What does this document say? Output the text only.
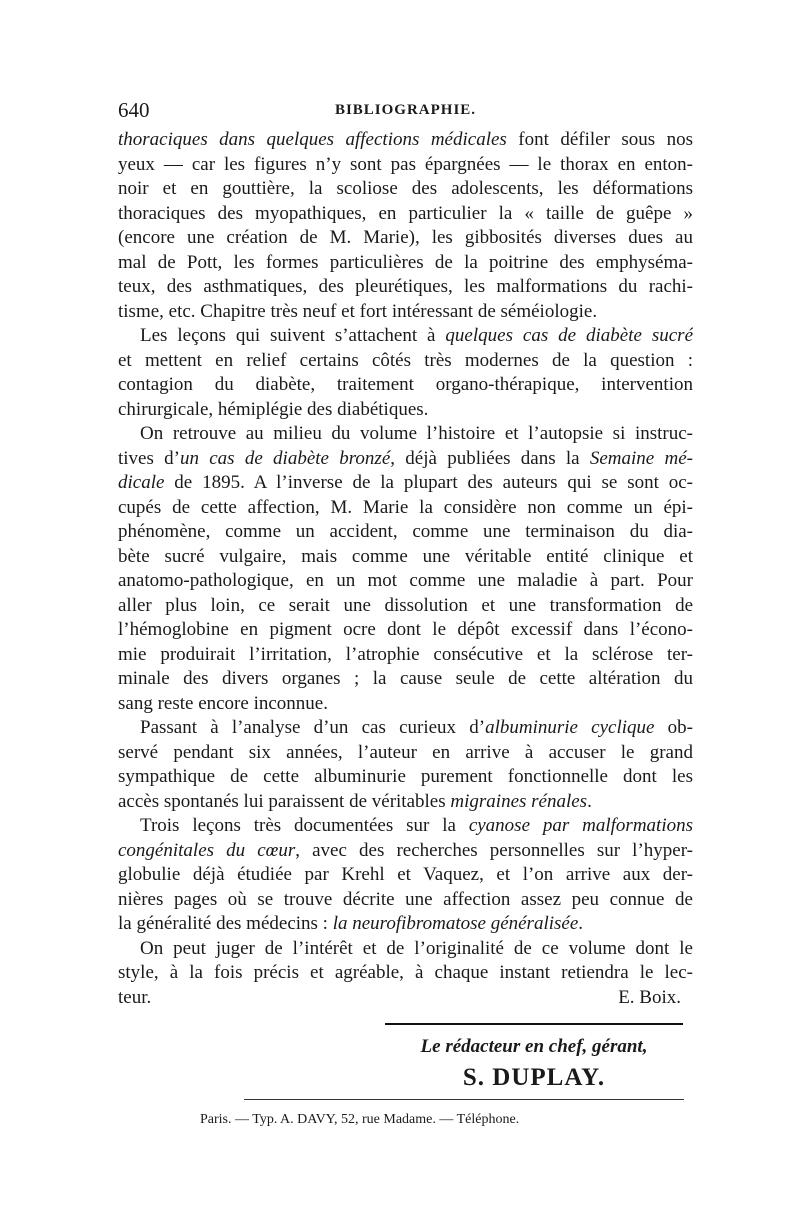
640	BIBLIOGRAPHIE.
thoraciques dans quelques affections médicales font défiler sous nos
yeux — car les figures n’y sont pas épargnées — le thorax en enton-
noir et en gouttière, la scoliose des adolescents, les déformations
thoraciques des myopathiques, en particulier la « taille de guêpe »
(encore une création de M. Marie), les gibbosités diverses dues au
mal de Pott, les formes particulières de la poitrine des emphyséma-
teux, des asthmatiques, des pleurétiques, les malformations du rachi-
tisme, etc. Chapitre très neuf et fort intéressant de séméiologie.
Les leçons qui suivent s’attachent à quelques cas de diabète sucré
et mettent en relief certains côtés très modernes de la question :
contagion du diabète, traitement organo-thérapique, intervention
chirurgicale, hémiplégie des diabétiques.
On retrouve au milieu du volume l’histoire et l’autopsie si instruc-
tives d’un cas de diabète bronzé, déjà publiées dans la Semaine mé-
dicale de 1895. A l’inverse de la plupart des auteurs qui se sont oc-
cupés de cette affection, M. Marie la considère non comme un épi-
phénomène, comme un accident, comme une terminaison du dia-
bète sucré vulgaire, mais comme une véritable entité clinique et
anatomo-pathologique, en un mot comme une maladie à part. Pour
aller plus loin, ce serait une dissolution et une transformation de
l’hémoglobine en pigment ocre dont le dépôt excessif dans l’écono-
mie produirait l’irritation, l’atrophie consécutive et la sclérose ter-
minale des divers organes ; la cause seule de cette altération du
sang reste encore inconnue.
Passant à l’analyse d’un cas curieux d’albuminurie cyclique ob-
servé pendant six années, l’auteur en arrive à accuser le grand
sympathique de cette albuminurie purement fonctionnelle dont les
accès spontanés lui paraissent de véritables migraines rénales.
Trois leçons très documentées sur la cyanose par malformations
congénitales du cœur, avec des recherches personnelles sur l’hyper-
globulie déjà étudiée par Krehl et Vaquez, et l’on arrive aux der-
nières pages où se trouve décrite une affection assez peu connue de
la généralité des médecins : la neurofibromatose généralisée.
On peut juger de l’intérêt et de l’originalité de ce volume dont le
style, à la fois précis et agréable, à chaque instant retiendra le lec-
teur.	E. Boix.
Le rédacteur en chef, gérant,
S. DUPLAY.
Paris. — Typ. A. DAVY, 52, rue Madame. — Téléphone.
